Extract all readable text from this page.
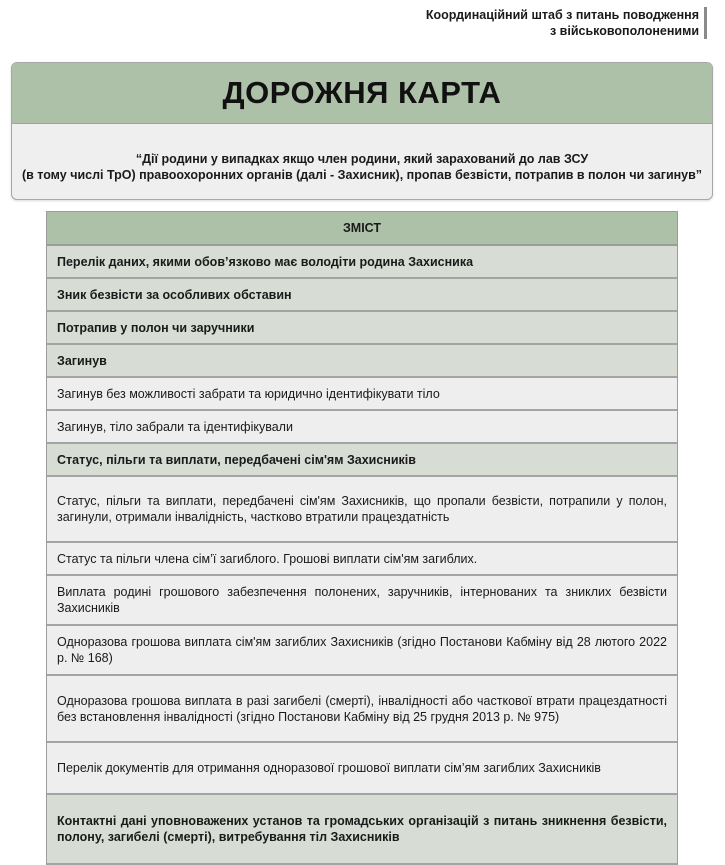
Координаційний штаб з питань поводження
з військовополоненими
ДОРОЖНЯ КАРТА
“Дії родини у випадках якщо член родини, який зарахований до лав ЗСУ
(в тому числі ТрО) правоохоронних органів (далі - Захисник), пропав безвісти, потрапив в полон чи загинув”
ЗМІСТ
Перелік даних, якими обов’язково має володіти родина Захисника
Зник безвісти за особливих обставин
Потрапив у полон чи заручники
Загинув
Загинув без можливості забрати та юридично ідентифікувати тіло
Загинув, тіло забрали та ідентифікували
Статус, пільги та виплати, передбачені сім'ям Захисників
Статус, пільги та виплати, передбачені сім'ям Захисників, що пропали безвісти, потрапили у полон, загинули, отримали інвалідність, частково втратили працездатність
Статус та пільги члена сім’ї загиблого. Грошові виплати сім'ям загиблих.
Виплата родині грошового забезпечення полонених, заручників, інтернованих та зниклих безвісти Захисників
Одноразова грошова виплата сім'ям загиблих Захисників (згідно Постанови Кабміну від 28 лютого 2022 р. № 168)
Одноразова грошова виплата в разі загибелі (смерті), інвалідності або часткової втрати працездатності без встановлення інвалідності (згідно Постанови Кабміну від 25 грудня 2013 р. № 975)
Перелік документів для отримання одноразової грошової виплати сім’ям загиблих Захисників
Контактні дані уповноважених установ та громадських організацій з питань зникнення безвісти, полону, загибелі (смерті), витребування тіл Захисників
